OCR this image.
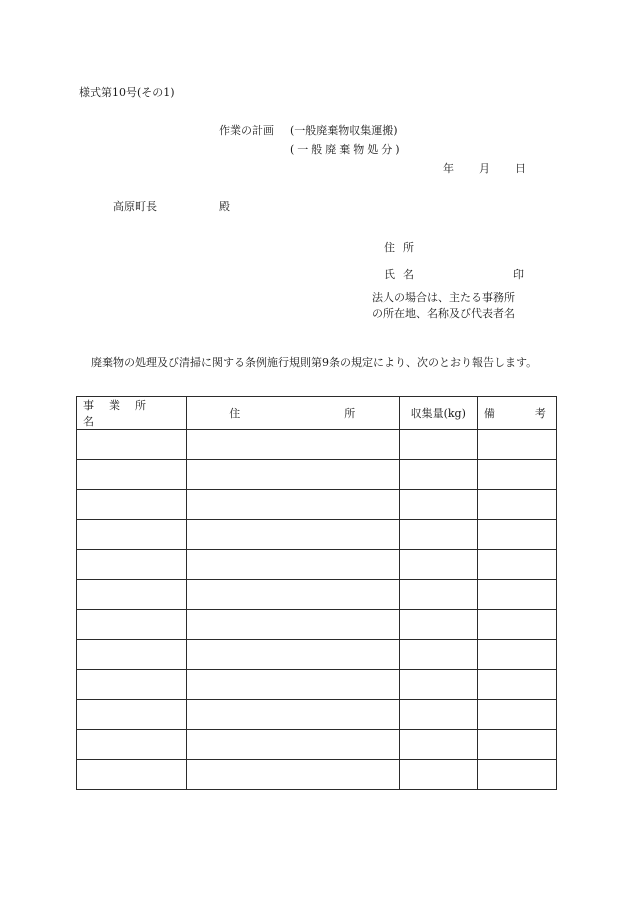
様式第10号(その1)
作業の計画 (一般廃棄物収集運搬)
(一般廃棄物処分)
年 月 日
高原町長	殿
住所
氏名	印
法人の場合は、主たる事務所
の所在地、名称及び代表者名

廃棄物の処理及び清掃に関する条例施行規則第9条の規定により、次のとおり報告します。

事業所名	住 所	収集量(kg)	備 考
